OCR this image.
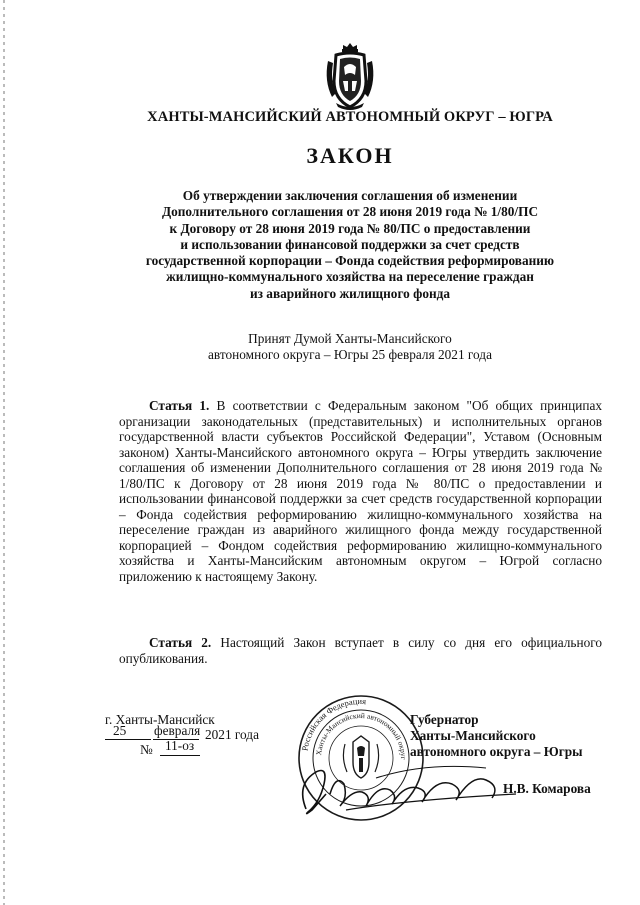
ХАНТЫ-МАНСИЙСКИЙ АВТОНОМНЫЙ ОКРУГ – ЮГРА
ЗАКОН
Об утверждении заключения соглашения об изменении
Дополнительного соглашения от 28 июня 2019 года № 1/80/ПС
к Договору от 28 июня 2019 года № 80/ПС о предоставлении
и использовании финансовой поддержки за счет средств
государственной корпорации – Фонда содействия реформированию
жилищно-коммунального хозяйства на переселение граждан
из аварийного жилищного фонда
Принят Думой Ханты-Мансийского
автономного округа – Югры 25 февраля 2021 года

Статья 1. В соответствии с Федеральным законом "Об общих принципах организации законодательных (представительных) и исполнительных органов государственной власти субъектов Российской Федерации", Уставом (Основным законом) Ханты-Мансийского автономного округа – Югры утвердить заключение соглашения об изменении Дополнительного соглашения от 28 июня 2019 года № 1/80/ПС к Договору от 28 июня 2019 года № 80/ПС о предоставлении и использовании финансовой поддержки за счет средств государственной корпорации – Фонда содействия реформированию жилищно-коммунального хозяйства на переселение граждан из аварийного жилищного фонда между государственной корпорацией – Фондом содействия реформированию жилищно-коммунального хозяйства и Ханты-Мансийским автономным округом – Югрой согласно приложению к настоящему Закону.

Статья 2. Настоящий Закон вступает в силу со дня его официального опубликования.

Российская Федерация
Ханты-Мансийский автономный округ
г. Ханты-Мансийск
25 февраля 2021 года
№ 11-оз
Губернатор
Ханты-Мансийского
автономного округа – Югры
Н.В. Комарова
